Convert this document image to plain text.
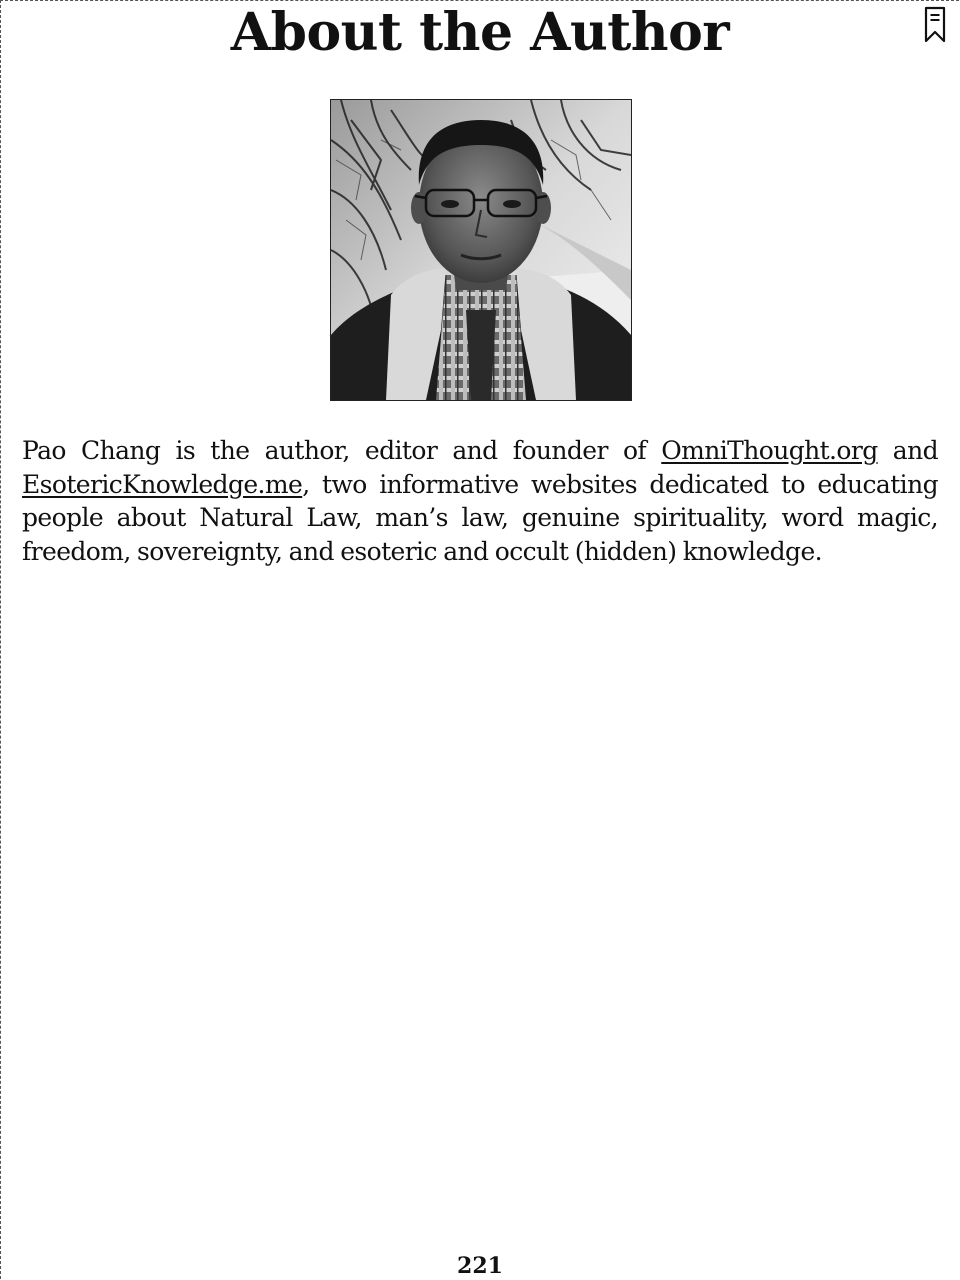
About the Author

Pao Chang is the author, editor and founder of OmniThought.org and EsotericKnowledge.me, two informative websites dedicated to educating people about Natural Law, man’s law, genuine spirituality, word magic, freedom, sovereignty, and esoteric and occult (hidden) knowledge.

221
